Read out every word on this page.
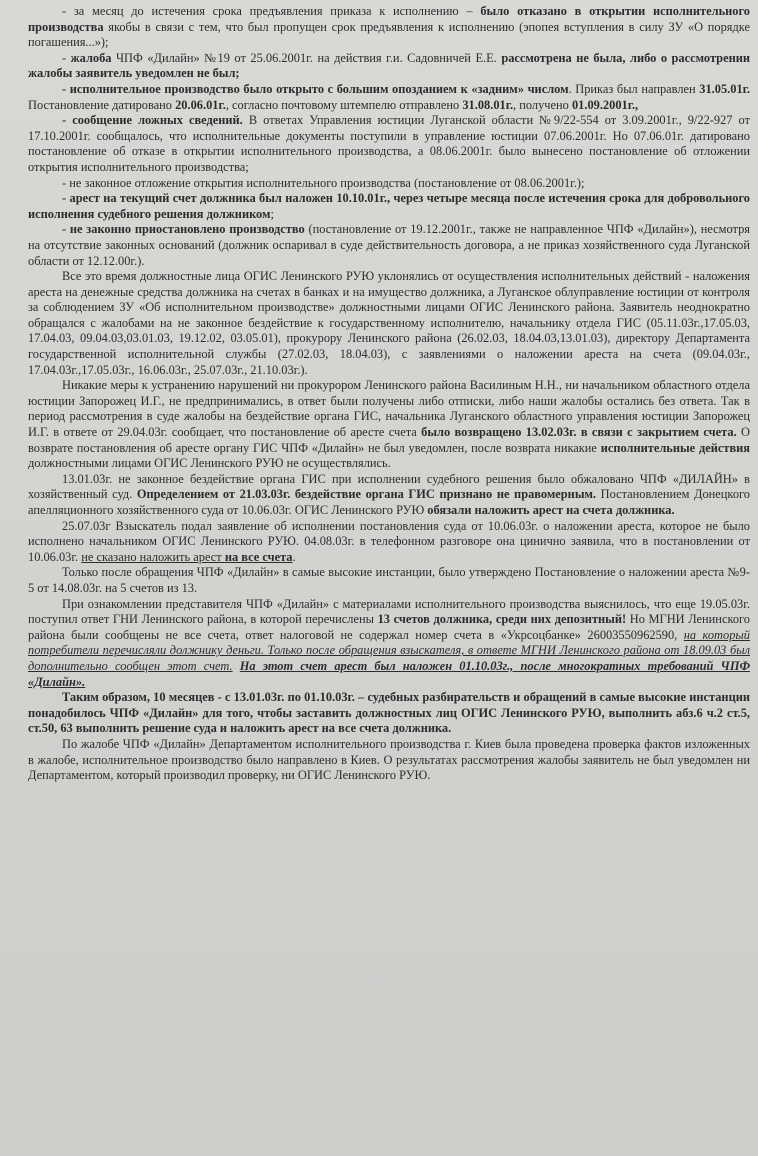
- за месяц до истечения срока предъявления приказа к исполнению – было отказано в открытии исполнительного производства якобы в связи с тем, что был пропущен срок предъявления к исполнению (эпопея вступления в силу ЗУ «О порядке погашения...»);

- жалоба ЧПФ «Дилайн» №19 от 25.06.2001г. на действия г.и. Садовничей Е.Е. рассмотрена не была, либо о рассмотрении жалобы заявитель уведомлен не был;

- исполнительное производство было открыто с большим опозданием к «задним» числом. Приказ был направлен 31.05.01г. Постановление датировано 20.06.01г., согласно почтовому штемпелю отправлено 31.08.01г., получено 01.09.2001г.,

- сообщение ложных сведений. В ответах Управления юстиции Луганской области №9/22-554 от 3.09.2001г., 9/22-927 от 17.10.2001г. сообщалось, что исполнительные документы поступили в управление юстиции 07.06.2001г. Но 07.06.01г. датировано постановление об отказе в открытии исполнительного производства, а 08.06.2001г. было вынесено постановление об отложении открытия исполнительного производства;

- не законное отложение открытия исполнительного производства (постановление от 08.06.2001г.);

- арест на текущий счет должника был наложен 10.10.01г., через четыре месяца после истечения срока для добровольного исполнения судебного решения должником;

- не законно приостановлено производство (постановление от 19.12.2001г., также не направленное ЧПФ «Дилайн»), несмотря на отсутствие законных оснований (должник оспаривал в суде действительность договора, а не приказ хозяйственного суда Луганской области от 12.12.00г.).

Все это время должностные лица ОГИС Ленинского РУЮ уклонялись от осуществления исполнительных действий - наложения ареста на денежные средства должника на счетах в банках и на имущество должника, а Луганское облуправление юстиции от контроля за соблюдением ЗУ «Об исполнительном производстве» должностными лицами ОГИС Ленинского района. Заявитель неоднократно обращался с жалобами на не законное бездействие к государственному исполнителю, начальнику отдела ГИС (05.11.03г.,17.05.03, 17.04.03, 09.04.03,03.01.03, 19.12.02, 03.05.01), прокурору Ленинского района (26.02.03, 18.04.03,13.01.03), директору Департамента государственной исполнительной службы (27.02.03, 18.04.03), с заявлениями о наложении ареста на счета (09.04.03г., 17.04.03г.,17.05.03г., 16.06.03г., 25.07.03г., 21.10.03г.).

Никакие меры к устранению нарушений ни прокурором Ленинского района Василиным Н.Н., ни начальником областного отдела юстиции Запорожец И.Г., не предпринимались, в ответ были получены либо отписки, либо наши жалобы остались без ответа. Так в период рассмотрения в суде жалобы на бездействие органа ГИС, начальника Луганского областного управления юстиции Запорожец И.Г. в ответе от 29.04.03г. сообщает, что постановление об аресте счета было возвращено 13.02.03г. в связи с закрытием счета. О возврате постановления об аресте органу ГИС ЧПФ «Дилайн» не был уведомлен, после возврата никакие исполнительные действия должностными лицами ОГИС Ленинского РУЮ не осуществлялись.

13.01.03г. не законное бездействие органа ГИС при исполнении судебного решения было обжаловано ЧПФ «ДИЛАЙН» в хозяйственный суд. Определением от 21.03.03г. бездействие органа ГИС признано не правомерным. Постановлением Донецкого апелляционного хозяйственного суда от 10.06.03г. ОГИС Ленинского РУЮ обязали наложить арест на счета должника.

25.07.03г Взыскатель подал заявление об исполнении постановления суда от 10.06.03г. о наложении ареста, которое не было исполнено начальником ОГИС Ленинского РУЮ. 04.08.03г. в телефонном разговоре она цинично заявила, что в постановлении от 10.06.03г. не сказано наложить арест на все счета.

Только после обращения ЧПФ «Дилайн» в самые высокие инстанции, было утверждено Постановление о наложении ареста №9-5 от 14.08.03г. на 5 счетов из 13.

При ознакомлении представителя ЧПФ «Дилайн» с материалами исполнительного производства выяснилось, что еще 19.05.03г. поступил ответ ГНИ Ленинского района, в которой перечислены 13 счетов должника, среди них депозитный! Но МГНИ Ленинского района были сообщены не все счета, ответ налоговой не содержал номер счета в «Укрсоцбанке» 26003550962590, на который потребители перечисляли должнику деньги. Только после обращения взыскателя, в ответе МГНИ Ленинского района от 18.09.03 был дополнительно сообщен этот счет. На этот счет арест был наложен 01.10.03г., после многократных требований ЧПФ «Дилайн».

Таким образом, 10 месяцев - с 13.01.03г. по 01.10.03г. – судебных разбирательств и обращений в самые высокие инстанции понадобилось ЧПФ «Дилайн» для того, чтобы заставить должностных лиц ОГИС Ленинского РУЮ, выполнить абз.6 ч.2 ст.5, ст.50, 63 выполнить решение суда и наложить арест на все счета должника.

По жалобе ЧПФ «Дилайн» Департаментом исполнительного производства г. Киев была проведена проверка фактов изложенных в жалобе, исполнительное производство было направлено в Киев. О результатах рассмотрения жалобы заявитель не был уведомлен ни Департаментом, который производил проверку, ни ОГИС Ленинского РУЮ.
